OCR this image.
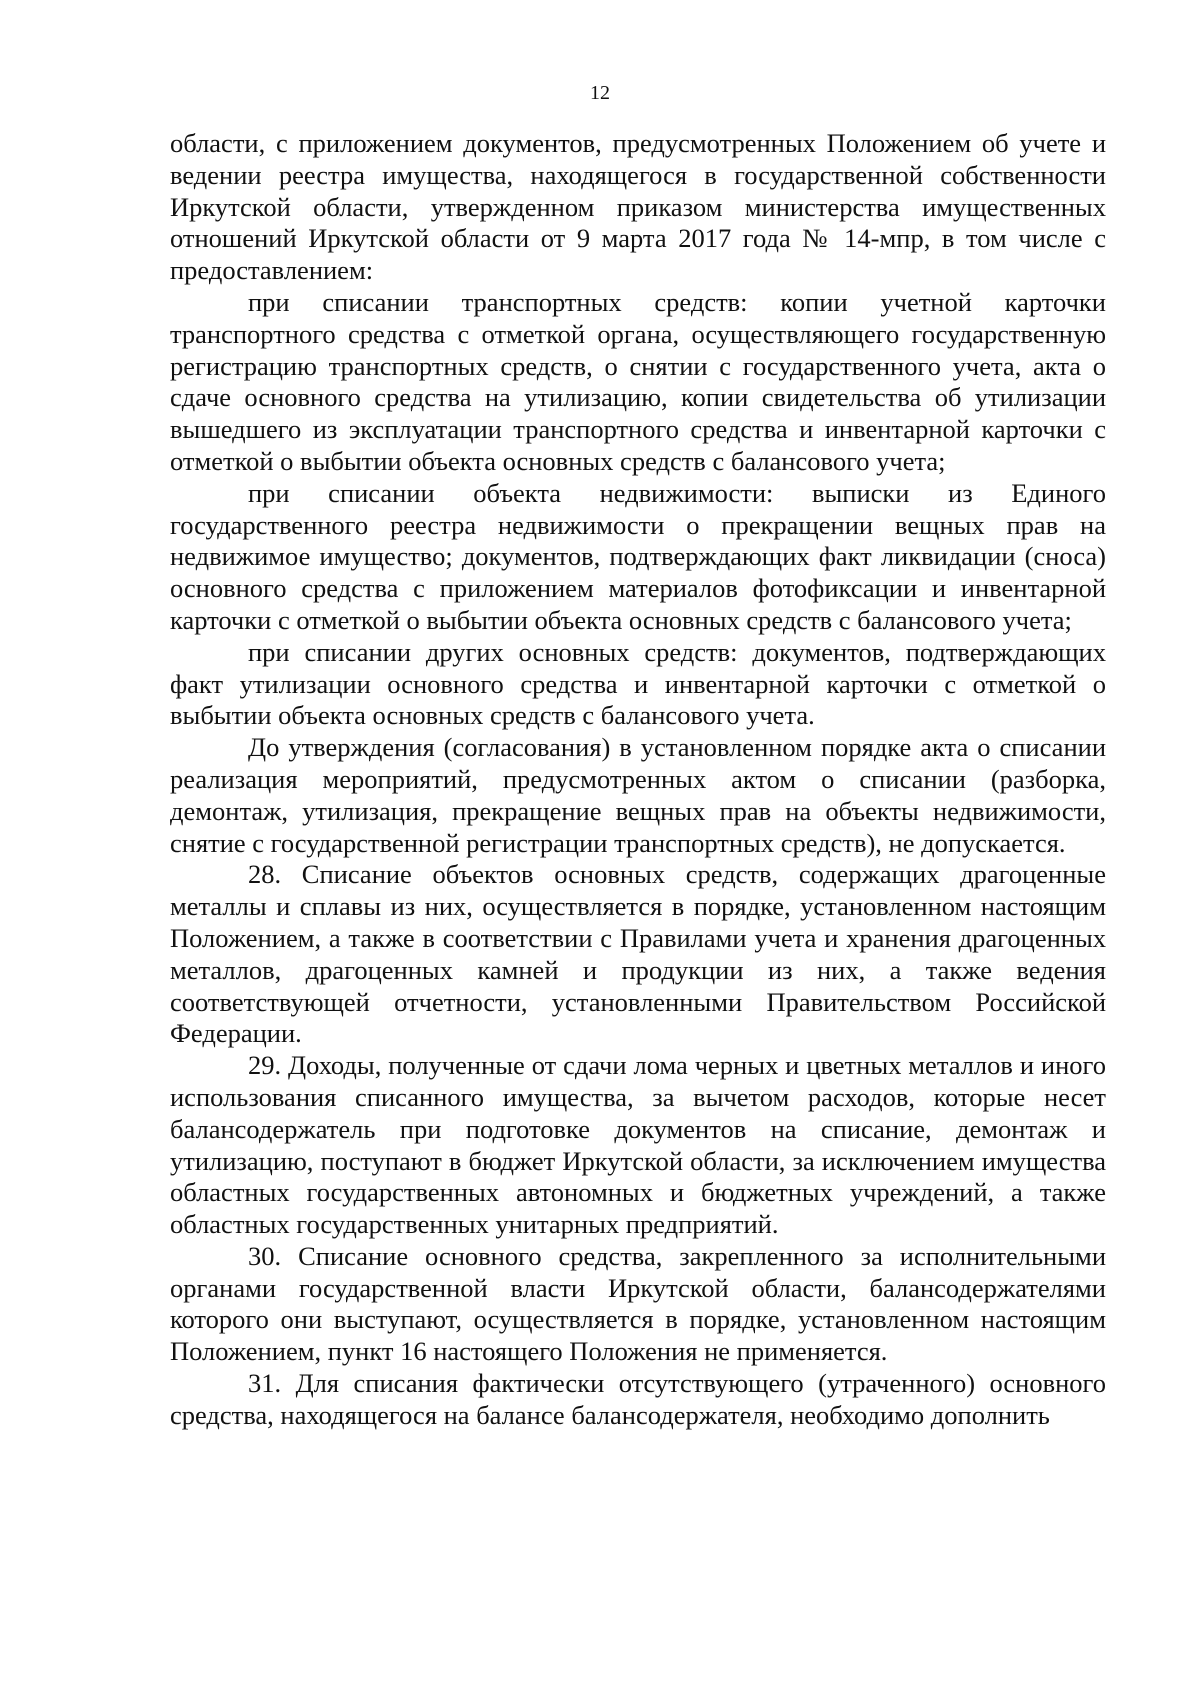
12

области, с приложением документов, предусмотренных Положением об учете и ведении реестра имущества, находящегося в государственной собственности Иркутской области, утвержденном приказом министерства имущественных отношений Иркутской области от 9 марта 2017 года № 14-мпр, в том числе с предоставлением:

при списании транспортных средств: копии учетной карточки транспортного средства с отметкой органа, осуществляющего государственную регистрацию транспортных средств, о снятии с государственного учета, акта о сдаче основного средства на утилизацию, копии свидетельства об утилизации вышедшего из эксплуатации транспортного средства и инвентарной карточки с отметкой о выбытии объекта основных средств с балансового учета;

при списании объекта недвижимости: выписки из Единого государственного реестра недвижимости о прекращении вещных прав на недвижимое имущество; документов, подтверждающих факт ликвидации (сноса) основного средства с приложением материалов фотофиксации и инвентарной карточки с отметкой о выбытии объекта основных средств с балансового учета;

при списании других основных средств: документов, подтверждающих факт утилизации основного средства и инвентарной карточки с отметкой о выбытии объекта основных средств с балансового учета.

До утверждения (согласования) в установленном порядке акта о списании реализация мероприятий, предусмотренных актом о списании (разборка, демонтаж, утилизация, прекращение вещных прав на объекты недвижимости, снятие с государственной регистрации транспортных средств), не допускается.

28. Списание объектов основных средств, содержащих драгоценные металлы и сплавы из них, осуществляется в порядке, установленном настоящим Положением, а также в соответствии с Правилами учета и хранения драгоценных металлов, драгоценных камней и продукции из них, а также ведения соответствующей отчетности, установленными Правительством Российской Федерации.

29. Доходы, полученные от сдачи лома черных и цветных металлов и иного использования списанного имущества, за вычетом расходов, которые несет балансодержатель при подготовке документов на списание, демонтаж и утилизацию, поступают в бюджет Иркутской области, за исключением имущества областных государственных автономных и бюджетных учреждений, а также областных государственных унитарных предприятий.

30. Списание основного средства, закрепленного за исполнительными органами государственной власти Иркутской области, балансодержателями которого они выступают, осуществляется в порядке, установленном настоящим Положением, пункт 16 настоящего Положения не применяется.

31. Для списания фактически отсутствующего (утраченного) основного средства, находящегося на балансе балансодержателя, необходимо дополнить
